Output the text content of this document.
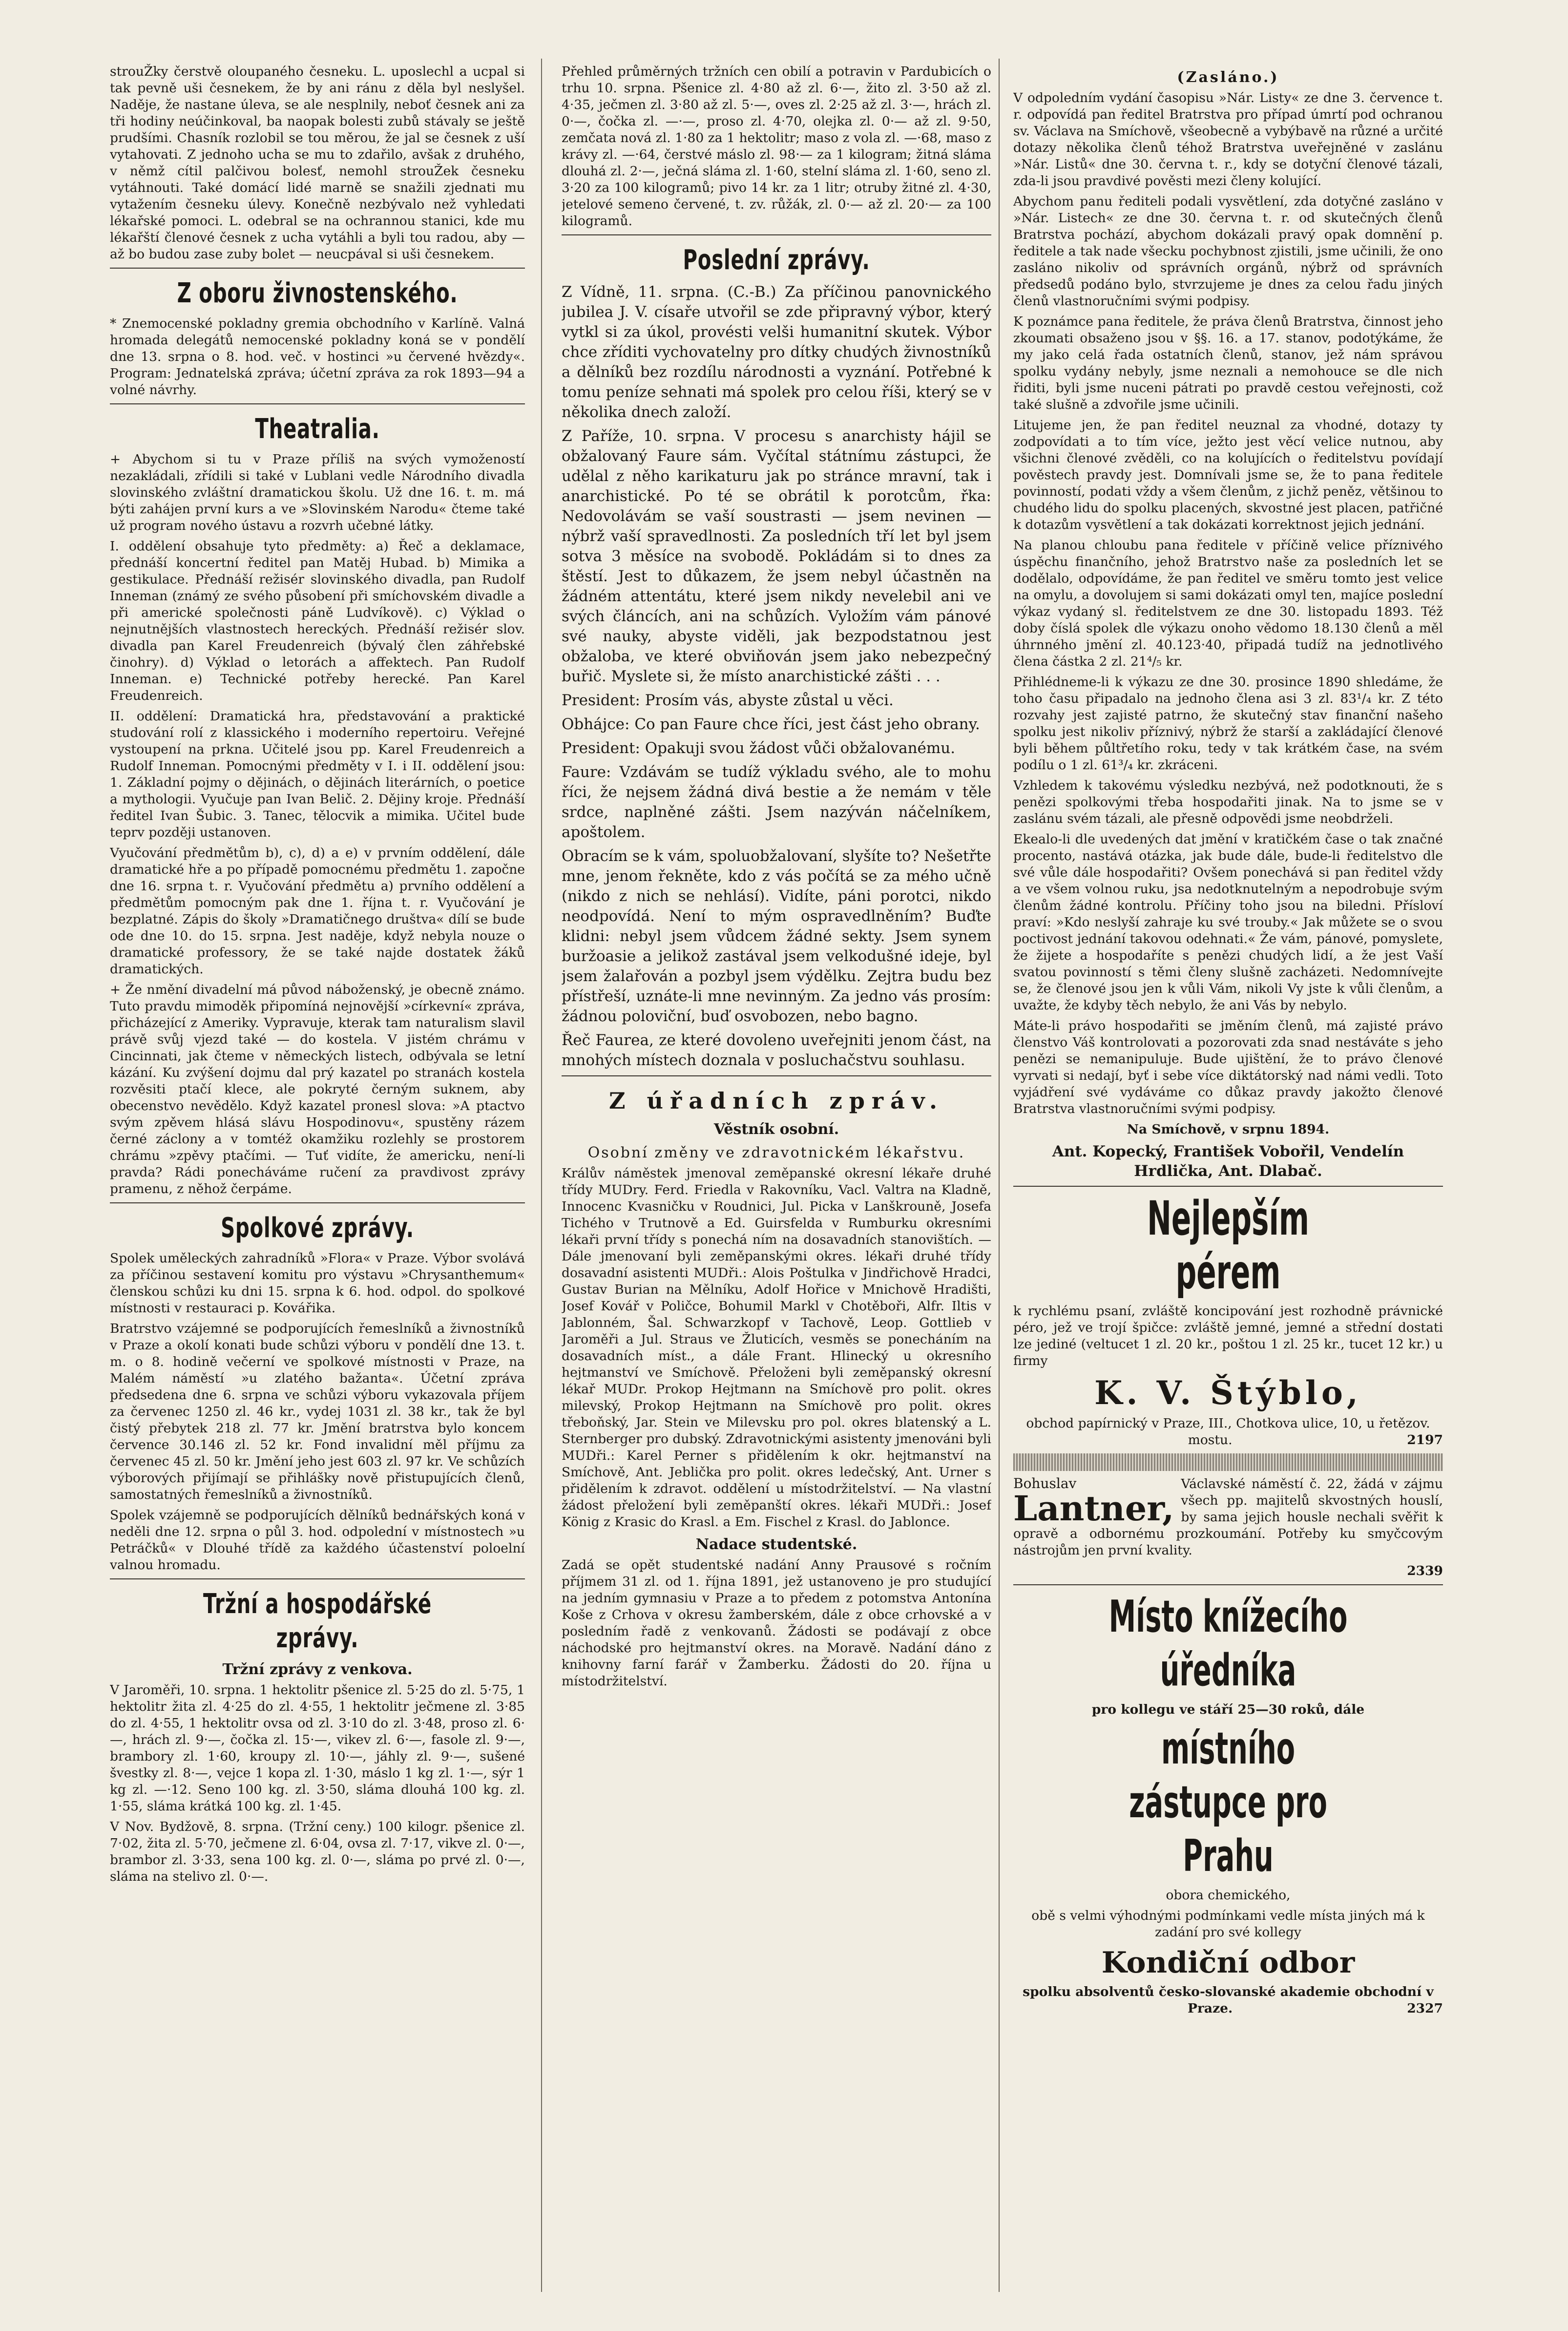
strouŽky čerstvě oloupaného česneku. L. uposlechl a ucpal si tak pevně uši česnekem, že by ani ránu z děla byl neslyšel. Naděje, že nastane úleva, se ale nesplnily, neboť česnek ani za tři hodiny neúčinkoval, ba naopak bolesti zubů stávaly se ještě prudšími. Chasník rozlobil se tou měrou, že jal se česnek z uší vytahovati. Z jednoho ucha se mu to zdařilo, avšak z druhého, v němž cítil palčivou bolesť, nemohl strouŽek česneku vytáhnouti. Také domácí lidé marně se snažili zjednati mu vytažením česneku úlevy. Konečně nezbývalo než vyhledati lékařské pomoci. L. odebral se na ochrannou stanici, kde mu lékařští členové česnek z ucha vytáhli a byli tou radou, aby — až bo budou zase zuby bolet — neucpával si uši česnekem.

Z oboru živnostenského.

* Znemocenské pokladny gremia obchodního v Karlíně. Valná hromada delegátů nemocenské pokladny koná se v pondělí dne 13. srpna o 8. hod. več. v hostinci »u červené hvězdy«. Program: Jednatelská zpráva; účetní zpráva za rok 1893—94 a volné návrhy.

Theatralia.

+ Abychom si tu v Praze příliš na svých vymožeností nezakládali, zřídili si také v Lublani vedle Národního divadla slovinského zvláštní dramatickou školu. Už dne 16. t. m. má býti zahájen první kurs a ve »Slovinském Narodu« čteme také už program nového ústavu a rozvrh učebné látky.

I. oddělení obsahuje tyto předměty: a) Řeč a deklamace, přednáší koncertní ředitel pan Matěj Hubad. b) Mimika a gestikulace. Přednáší režisér slovinského divadla, pan Rudolf Inneman (známý ze svého působení při smíchovském divadle a při americké společnosti páně Ludvíkově). c) Výklad o nejnutnějších vlastnostech hereckých. Přednáší režisér slov. divadla pan Karel Freudenreich (bývalý člen záhřebské činohry). d) Výklad o letorách a affektech. Pan Rudolf Inneman. e) Technické potřeby herecké. Pan Karel Freudenreich.

II. oddělení: Dramatická hra, představování a praktické studování rolí z klassického i moderního repertoiru. Veřejné vystoupení na prkna. Učitelé jsou pp. Karel Freudenreich a Rudolf Inneman. Pomocnými předměty v I. i II. oddělení jsou: 1. Základní pojmy o dějinách, o dějinách literárních, o poetice a mythologii. Vyučuje pan Ivan Belič. 2. Dějiny kroje. Přednáší ředitel Ivan Šubic. 3. Tanec, tělocvik a mimika. Učitel bude teprv později ustanoven.

Vyučování předmětům b), c), d) a e) v prvním oddělení, dále dramatické hře a po případě pomocnému předmětu 1. započne dne 16. srpna t. r. Vyučování předmětu a) prvního oddělení a předmětům pomocným pak dne 1. října t. r. Vyučování je bezplatné. Zápis do školy »Dramatičnego društva« dílí se bude ode dne 10. do 15. srpna. Jest naděje, když nebyla nouze o dramatické professory, že se také najde dostatek žáků dramatických.

+ Že nmění divadelní má původ náboženský, je obecně známo. Tuto pravdu mimoděk připomíná nejnovější »církevní« zpráva, přicházející z Ameriky. Vypravuje, kterak tam naturalism slavil právě svůj vjezd také — do kostela. V jistém chrámu v Cincinnati, jak čteme v německých listech, odbývala se letní kázání. Ku zvýšení dojmu dal prý kazatel po stranách kostela rozvěsiti ptačí klece, ale pokryté černým suknem, aby obecenstvo nevědělo. Když kazatel pronesl slova: »A ptactvo svým zpěvem hlásá slávu Hospodinovu«, spustěny rázem černé záclony a v tomtéž okamžiku rozlehly se prostorem chrámu »zpěvy ptačími. — Tuť vidíte, že americku, není-li pravda? Rádi ponecháváme ručení za pravdivost zprávy pramenu, z něhož čerpáme.

Spolkové zprávy.

Spolek uměleckých zahradníků »Flora« v Praze. Výbor svolává za příčinou sestavení komitu pro výstavu »Chrysanthemum« členskou schůzi ku dni 15. srpna k 6. hod. odpol. do spolkové místnosti v restauraci p. Kovářika.

Bratrstvo vzájemné se podporujících řemeslníků a živnostníků v Praze a okolí konati bude schůzi výboru v pondělí dne 13. t. m. o 8. hodině večerní ve spolkové místnosti v Praze, na Malém náměstí »u zlatého bažanta«. Účetní zpráva předsedena dne 6. srpna ve schůzi výboru vykazovala příjem za červenec 1250 zl. 46 kr., vydej 1031 zl. 38 kr., tak že byl čistý přebytek 218 zl. 77 kr. Jmění bratrstva bylo koncem července 30.146 zl. 52 kr. Fond invalidní měl příjmu za červenec 45 zl. 50 kr. Jmění jeho jest 603 zl. 97 kr. Ve schůzích výborových přijímají se přihlášky nově přistupujících členů, samostatných řemeslníků a živnostníků.

Spolek vzájemně se podporujících dělníků bednářských koná v neděli dne 12. srpna o půl 3. hod. odpolední v místnostech »u Petráčků« v Dlouhé třídě za každého účastenství poloelní valnou hromadu.

Tržní a hospodářské zprávy.
Tržní zprávy z venkova.

V Jaroměři, 10. srpna. 1 hektolitr pšenice zl. 5·25 do zl. 5·75, 1 hektolitr žita zl. 4·25 do zl. 4·55, 1 hektolitr ječmene zl. 3·85 do zl. 4·55, 1 hektolitr ovsa od zl. 3·10 do zl. 3·48, proso zl. 6·—, hrách zl. 9·—, čočka zl. 15·—, vikev zl. 6·—, fasole zl. 9·—, brambory zl. 1·60, kroupy zl. 10·—, jáhly zl. 9·—, sušené švestky zl. 8·—, vejce 1 kopa zl. 1·30, máslo 1 kg zl. 1·—, sýr 1 kg zl. —·12. Seno 100 kg. zl. 3·50, sláma dlouhá 100 kg. zl. 1·55, sláma krátká 100 kg. zl. 1·45.

V Nov. Bydžově, 8. srpna. (Tržní ceny.) 100 kilogr. pšenice zl. 7·02, žita zl. 5·70, ječmene zl. 6·04, ovsa zl. 7·17, vikve zl. 0·—, brambor zl. 3·33, sena 100 kg. zl. 0·—, sláma po prvé zl. 0·—, sláma na stelivo zl. 0·—.

Přehled průměrných tržních cen obilí a potravin v Pardubicích o trhu 10. srpna. Pšenice zl. 4·80 až zl. 6·—, žito zl. 3·50 až zl. 4·35, ječmen zl. 3·80 až zl. 5·—, oves zl. 2·25 až zl. 3·—, hrách zl. 0·—, čočka zl. —·—, proso zl. 4·70, olejka zl. 0·— až zl. 9·50, zemčata nová zl. 1·80 za 1 hektolitr; maso z vola zl. —·68, maso z krávy zl. —·64, čerstvé máslo zl. 98·— za 1 kilogram; žitná sláma dlouhá zl. 2·—, ječná sláma zl. 1·60, stelní sláma zl. 1·60, seno zl. 3·20 za 100 kilogramů; pivo 14 kr. za 1 litr; otruby žitné zl. 4·30, jetelové semeno červené, t. zv. růžák, zl. 0·— až zl. 20·— za 100 kilogramů.

Poslední zprávy.

Z Vídně, 11. srpna. (C.-B.) Za příčinou panovnického jubilea J. V. císaře utvořil se zde připravný výbor, který vytkl si za úkol, provésti velši humanitní skutek. Výbor chce zříditi vychovatelny pro dítky chudých živnostníků a dělníků bez rozdílu národnosti a vyznání. Potřebné k tomu peníze sehnati má spolek pro celou říši, který se v několika dnech založí.

Z Paříže, 10. srpna. V procesu s anarchisty hájil se obžalovaný Faure sám. Vyčítal státnímu zástupci, že udělal z něho karikaturu jak po stránce mravní, tak i anarchistické. Po té se obrátil k porotcům, řka: Nedovolávám se vaší soustrasti — jsem nevinen — nýbrž vaší spravedlnosti. Za posledních tří let byl jsem sotva 3 měsíce na svobodě. Pokládám si to dnes za štěstí. Jest to důkazem, že jsem nebyl účastněn na žádném attentátu, které jsem nikdy nevelebil ani ve svých článcích, ani na schůzích. Vyložím vám pánové své nauky, abyste viděli, jak bezpodstatnou jest obžaloba, ve které obviňován jsem jako nebezpečný buřič. Myslete si, že místo anarchistické zášti . . .

President: Prosím vás, abyste zůstal u věci.

Obhájce: Co pan Faure chce říci, jest část jeho obrany.

President: Opakuji svou žádost vůči obžalovanému.

Faure: Vzdávám se tudíž výkladu svého, ale to mohu říci, že nejsem žádná divá bestie a že nemám v těle srdce, naplněné zášti. Jsem nazýván náčelníkem, apoštolem.

Obracím se k vám, spoluobžalovaní, slyšíte to? Nešetřte mne, jenom řekněte, kdo z vás počítá se za mého učně (nikdo z nich se nehlásí). Vidíte, páni porotci, nikdo neodpovídá. Není to mým ospravedlněním? Buďte klidni: nebyl jsem vůdcem žádné sekty. Jsem synem buržoasie a jelikož zastával jsem velkodušné ideje, byl jsem žalařován a pozbyl jsem výdělku. Zejtra budu bez přístřeší, uznáte-li mne nevinným. Za jedno vás prosím: žádnou poloviční, buď osvobozen, nebo bagno.

Řeč Faurea, ze které dovoleno uveřejniti jenom část, na mnohých místech doznala v posluchačstvu souhlasu.

Z úřadních zpráv.
Věstník osobní.
Osobní změny ve zdravotnickém lékařstvu.

Králův náměstek jmenoval zeměpanské okresní lékaře druhé třídy MUDry. Ferd. Friedla v Rakovníku, Vacl. Valtra na Kladně, Innocenc Kvasničku v Roudnici, Jul. Picka v Lanškrouně, Josefa Tichého v Trutnově a Ed. Guirsfelda v Rumburku okresními lékaři první třídy s ponechá ním na dosavadních stanovištích. — Dále jmenovaní byli zeměpanskými okres. lékaři druhé třídy dosavadní asistenti MUDři.: Alois Poštulka v Jindřichově Hradci, Gustav Burian na Mělníku, Adolf Hořice v Mnichově Hradišti, Josef Kovář v Poličce, Bohumil Markl v Chotěboři, Alfr. Iltis v Jablonném, Šal. Schwarzkopf v Tachově, Leop. Gottlieb v Jaroměři a Jul. Straus ve Žluticích, vesměs se ponecháním na dosavadních míst., a dále Frant. Hlinecký u okresního hejtmanství ve Smíchově. Přeloženi byli zeměpanský okresní lékař MUDr. Prokop Hejtmann na Smíchově pro polit. okres milevský, Prokop Hejtmann na Smíchově pro polit. okres třeboňský, Jar. Stein ve Milevsku pro pol. okres blatenský a L. Sternberger pro dubský. Zdravotnickými asistenty jmenováni byli MUDři.: Karel Perner s přidělením k okr. hejtmanství na Smíchově, Ant. Jeblička pro polit. okres ledečský, Ant. Urner s přidělením k zdravot. oddělení u místodržitelství. — Na vlastní žádost přeložení byli zeměpanští okres. lékaři MUDři.: Josef König z Krasic do Krasl. a Em. Fischel z Krasl. do Jablonce.

Nadace studentské.

Zadá se opět studentské nadání Anny Prausové s ročním příjmem 31 zl. od 1. října 1891, jež ustanoveno je pro studující na jedním gymnasiu v Praze a to předem z potomstva Antonína Koše z Crhova v okresu žamberském, dále z obce crhovské a v posledním řadě z venkovanů. Žádosti se podávají z obce náchodské pro hejtmanství okres. na Moravě. Nadání dáno z knihovny farní farář v Žamberku. Žádosti do 20. října u místodržitelství.

(Zasláno.)

V odpoledním vydání časopisu »Nár. Listy« ze dne 3. července t. r. odpovídá pan ředitel Bratrstva pro případ úmrtí pod ochranou sv. Václava na Smíchově, všeobecně a vybýbavě na různé a určité dotazy několika členů téhož Bratrstva uveřejněné v zaslánu »Nár. Listů« dne 30. června t. r., kdy se dotyční členové tázali, zda-li jsou pravdivé pověsti mezi členy kolující.

Abychom panu řediteli podali vysvětlení, zda dotyčné zasláno v »Nár. Listech« ze dne 30. června t. r. od skutečných členů Bratrstva pochází, abychom dokázali pravý opak domnění p. ředitele a tak nade všecku pochybnost zjistili, jsme učinili, že ono zasláno nikoliv od správních orgánů, nýbrž od správních předsedů podáno bylo, stvrzujeme je dnes za celou řadu jiných členů vlastnoručními svými podpisy.

K poznámce pana ředitele, že práva členů Bratrstva, činnost jeho zkoumati obsaženo jsou v §§. 16. a 17. stanov, podotýkáme, že my jako celá řada ostatních členů, stanov, jež nám správou spolku vydány nebyly, jsme neznali a nemohouce se dle nich řiditi, byli jsme nuceni pátrati po pravdě cestou veřejnosti, což také slušně a zdvořile jsme učinili.

Litujeme jen, že pan ředitel neuznal za vhodné, dotazy ty zodpovídati a to tím více, ježto jest věcí velice nutnou, aby všichni členové zvěděli, co na kolujících o ředitelstvu povídají pověstech pravdy jest. Domnívali jsme se, že to pana ředitele povinností, podati vždy a všem členům, z jichž peněz, většinou to chudého lidu do spolku placených, skvostné jest placen, patřičné k dotazům vysvětlení a tak dokázati korrektnost jejich jednání.

Na planou chloubu pana ředitele v příčině velice příznivého úspěchu finančního, jehož Bratrstvo naše za posledních let se dodělalo, odpovídáme, že pan ředitel ve směru tomto jest velice na omylu, a dovolujem si sami dokázati omyl ten, majíce poslední výkaz vydaný sl. ředitelstvem ze dne 30. listopadu 1893. Též doby číslá spolek dle výkazu onoho vědomo 18.130 členů a měl úhrnného jmění zl. 40.123·40, připadá tudíž na jednotlivého člena částka 2 zl. 21⁴/₅ kr.

Přihlédneme-li k výkazu ze dne 30. prosince 1890 shledáme, že toho času připadalo na jednoho člena asi 3 zl. 83¹/₄ kr. Z této rozvahy jest zajisté patrno, že skutečný stav finanční našeho spolku jest nikoliv příznivý, nýbrž že starší a zakládající členové byli během půltřetího roku, tedy v tak krátkém čase, na svém podílu o 1 zl. 61³/₄ kr. zkráceni.

Vzhledem k takovému výsledku nezbývá, než podotknouti, že s penězi spolkovými třeba hospodařiti jinak. Na to jsme se v zaslánu svém tázali, ale přesně odpovědi jsme neobdrželi.

Ekealo-li dle uvedených dat jmění v kratičkém čase o tak značné procento, nastává otázka, jak bude dále, bude-li ředitelstvo dle své vůle dále hospodařiti? Ovšem ponechává si pan ředitel vždy a ve všem volnou ruku, jsa nedotknutelným a nepodrobuje svým členům žádné kontrolu. Příčiny toho jsou na biledni. Přísloví praví: »Kdo neslyší zahraje ku své trouby.« Jak můžete se o svou poctivost jednání takovou odehnati.« Že vám, pánové, pomyslete, že žijete a hospodaříte s penězi chudých lidí, a že jest Vaší svatou povinností s těmi členy slušně zacházeti. Nedomnívejte se, že členové jsou jen k vůli Vám, nikoli Vy jste k vůli členům, a uvažte, že kdyby těch nebylo, že ani Vás by nebylo.

Máte-li právo hospodařiti se jměním členů, má zajisté právo členstvo Váš kontrolovati a pozorovati zda snad nestáváte s jeho penězi se nemanipuluje. Bude ujištění, že to právo členové vyrvati si nedají, byť i sebe více diktátorský nad námi vedli. Toto vyjádření své vydáváme co důkaz pravdy jakožto členové Bratrstva vlastnoručními svými podpisy.

Na Smíchově, v srpnu 1894.

Ant. Kopecký, František Vobořil, Vendelín Hrdlička, Ant. Dlabač.

Nejlepším pérem

k rychlému psaní, zvláště koncipování jest rozhodně právnické péro, jež ve trojí špičce: zvláště jemné, jemné a střední dostati lze jediné (veltucet 1 zl. 20 kr., poštou 1 zl. 25 kr., tucet 12 kr.) u firmy

K. V. Štýblo,

obchod papírnický v Praze, III., Chotkova ulice, 10, u řetězov. mostu.	2197

Bohuslav
Lantner,

Václavské náměstí č. 22, žádá v zájmu všech pp. majitelů skvostných houslí, by sama jejich housle nechali svěřit k opravě a odbornému prozkoumání. Potřeby ku smyčcovým nástrojům jen první kvality.

2339

Místo knížecího úředníka

pro kollegu ve stáří 25—30 roků, dále

místního zástupce pro Prahu

obora chemického,

obě s velmi výhodnými podmínkami vedle místa jiných má k zadání pro své kollegy

Kondiční odbor

spolku absolventů česko-slovanské akademie obchodní v Praze.	2327
